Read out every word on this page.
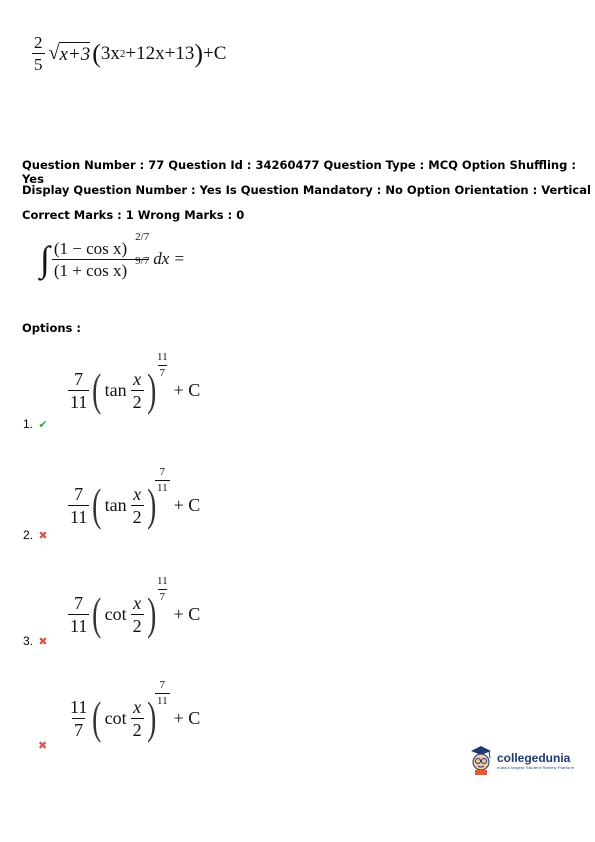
$\frac{2}{5}$ √ x+3 ( 3x 2 +12x+13 ) +C
Question Number : 77 Question Id : 34260477 Question Type : MCQ Option Shuffling : Yes
Display Question Number : Yes Is Question Mandatory : No Option Orientation : Vertical
Correct Marks : 1 Wrong Marks : 0
∫ (1 − cos x)
2/7
(1 + cos x) 9/7 dx =
Options :
$\frac{7}{11}$ ( $\tan \frac{x}{2}$ ) $\frac{11}{7}$
+ C
1. ✔
$\frac{7}{11}$ ( $\tan \frac{x}{2}$ ) $\frac{7}{11}$
+ C
2. ✖
$\frac{7}{11}$ ( $\cot \frac{x}{2}$ ) $\frac{11}{7}$
+ C
3. ✖
$\frac{11}{7}$ ( $\cot \frac{x}{2}$ ) $\frac{7}{11}$
+ C
✖
collegedunia
India's largest Student Review Platform
